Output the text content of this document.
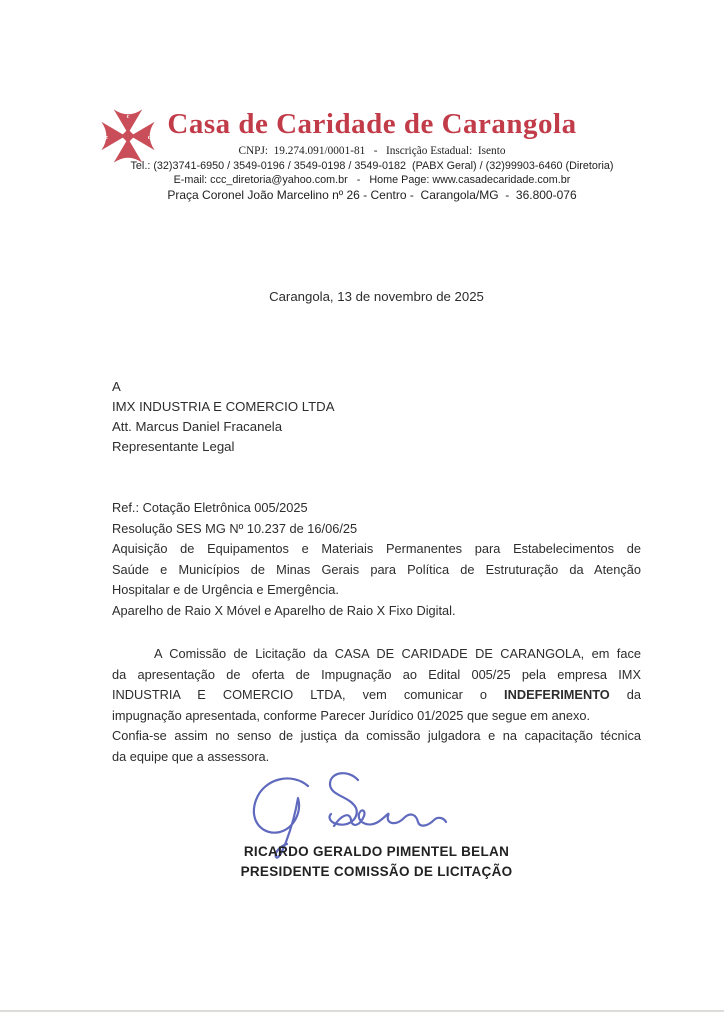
c
c	c Casa de Caridade de Carangola
CNPJ:  19.274.091/0001-81   -   Inscrição Estadual:  Isento
Tel.: (32)3741-6950 / 3549-0196 / 3549-0198 / 3549-0182  (PABX Geral) / (32)99903-6460 (Diretoria)
E-mail: ccc_diretoria@yahoo.com.br   -   Home Page: www.casadecaridade.com.br
Praça Coronel João Marcelino nº 26 - Centro -  Carangola/MG  -  36.800-076
Carangola, 13 de novembro de 2025
A
IMX INDUSTRIA E COMERCIO LTDA
Att. Marcus Daniel Fracanela
Representante Legal
Ref.: Cotação Eletrônica 005/2025
Resolução SES MG Nº 10.237 de 16/06/25
Aquisição de Equipamentos e Materiais Permanentes para Estabelecimentos de
Saúde e Municípios de Minas Gerais para Política de Estruturação da Atenção
Hospitalar e de Urgência e Emergência.
Aparelho de Raio X Móvel e Aparelho de Raio X Fixo Digital.
A Comissão de Licitação da CASA DE CARIDADE DE CARANGOLA, em face
da apresentação de oferta de Impugnação ao Edital 005/25 pela empresa IMX
INDUSTRIA E COMERCIO LTDA, vem comunicar o INDEFERIMENTO da
impugnação apresentada, conforme Parecer Jurídico 01/2025 que segue em anexo.
Confia-se assim no senso de justiça da comissão julgadora e na capacitação técnica
da equipe que a assessora.
RICARDO GERALDO PIMENTEL BELAN
PRESIDENTE COMISSÃO DE LICITAÇÃO
